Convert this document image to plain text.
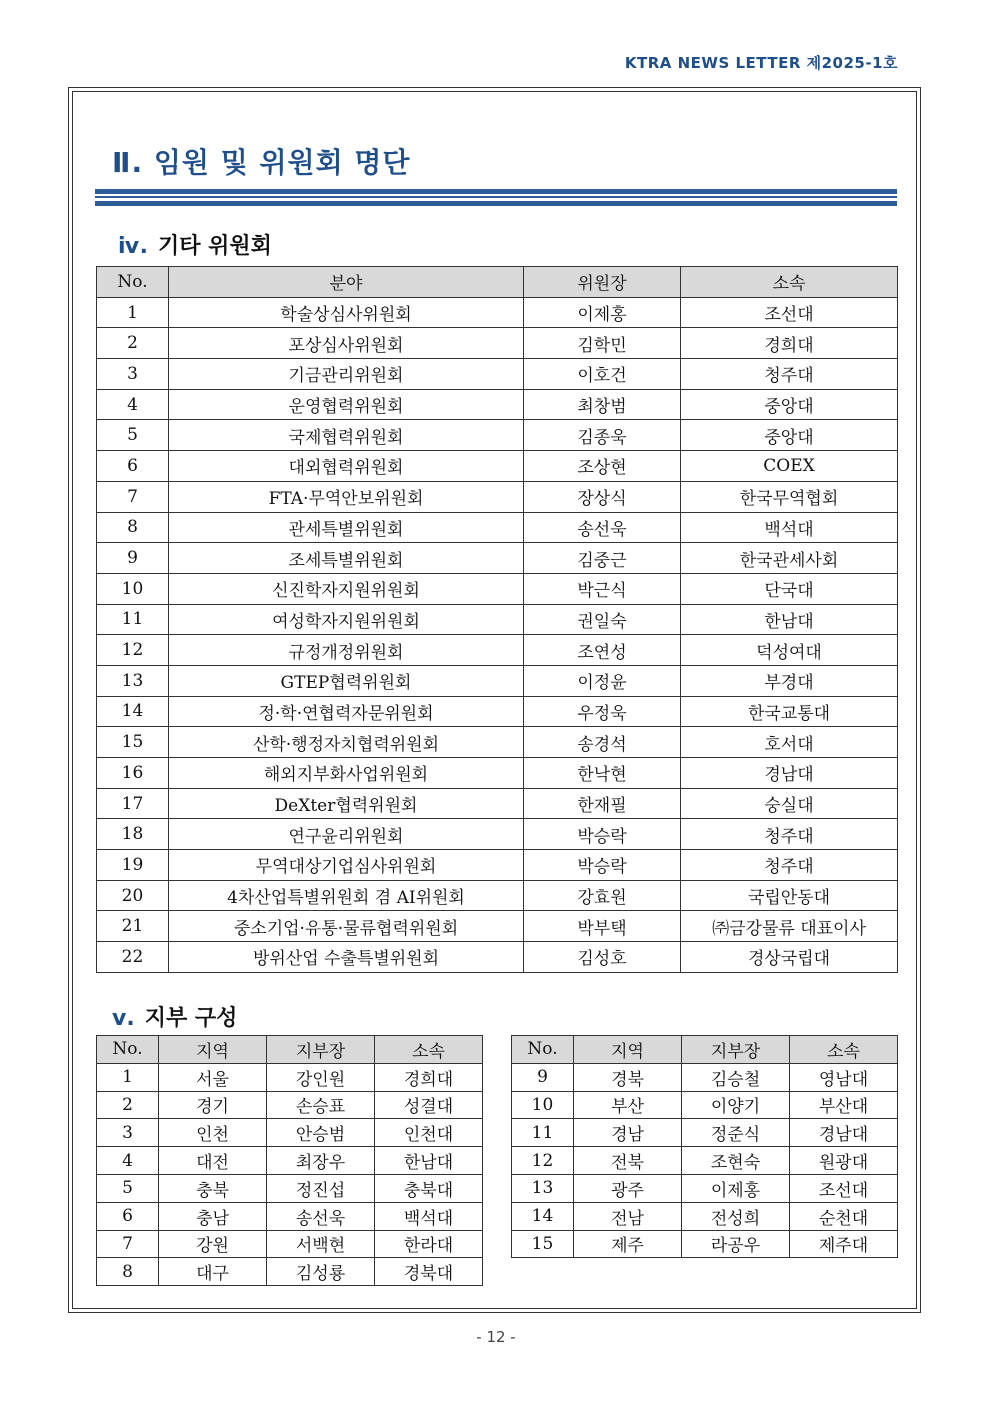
KTRA NEWS LETTER 제2025-1호
Ⅱ. 임원 및 위원회 명단
ⅳ. 기타 위원회
No.	분야	위원장	소속
1	학술상심사위원회	이제홍	조선대
2	포상심사위원회	김학민	경희대
3	기금관리위원회	이호건	청주대
4	운영협력위원회	최창범	중앙대
5	국제협력위원회	김종욱	중앙대
6	대외협력위원회	조상현	COEX
7	FTA·무역안보위원회	장상식	한국무역협회
8	관세특별위원회	송선욱	백석대
9	조세특별위원회	김중근	한국관세사회
10	신진학자지원위원회	박근식	단국대
11	여성학자지원위원회	권일숙	한남대
12	규정개정위원회	조연성	덕성여대
13	GTEP협력위원회	이정윤	부경대
14	정·학·연협력자문위원회	우정욱	한국교통대
15	산학·행정자치협력위원회	송경석	호서대
16	해외지부화사업위원회	한낙현	경남대
17	DeXter협력위원회	한재필	숭실대
18	연구윤리위원회	박승락	청주대
19	무역대상기업심사위원회	박승락	청주대
20	4차산업특별위원회 겸 AI위원회	강효원	국립안동대
21	중소기업·유통·물류협력위원회	박부택	㈜금강물류 대표이사
22	방위산업 수출특별위원회	김성호	경상국립대
ⅴ. 지부 구성
No.	지역	지부장	소속
1	서울	강인원	경희대
2	경기	손승표	성결대
3	인천	안승범	인천대
4	대전	최장우	한남대
5	충북	정진섭	충북대
6	충남	송선욱	백석대
7	강원	서백현	한라대
8	대구	김성룡	경북대
No.	지역	지부장	소속
9	경북	김승철	영남대
10	부산	이양기	부산대
11	경남	정준식	경남대
12	전북	조현숙	원광대
13	광주	이제홍	조선대
14	전남	전성희	순천대
15	제주	라공우	제주대
- 12 -
